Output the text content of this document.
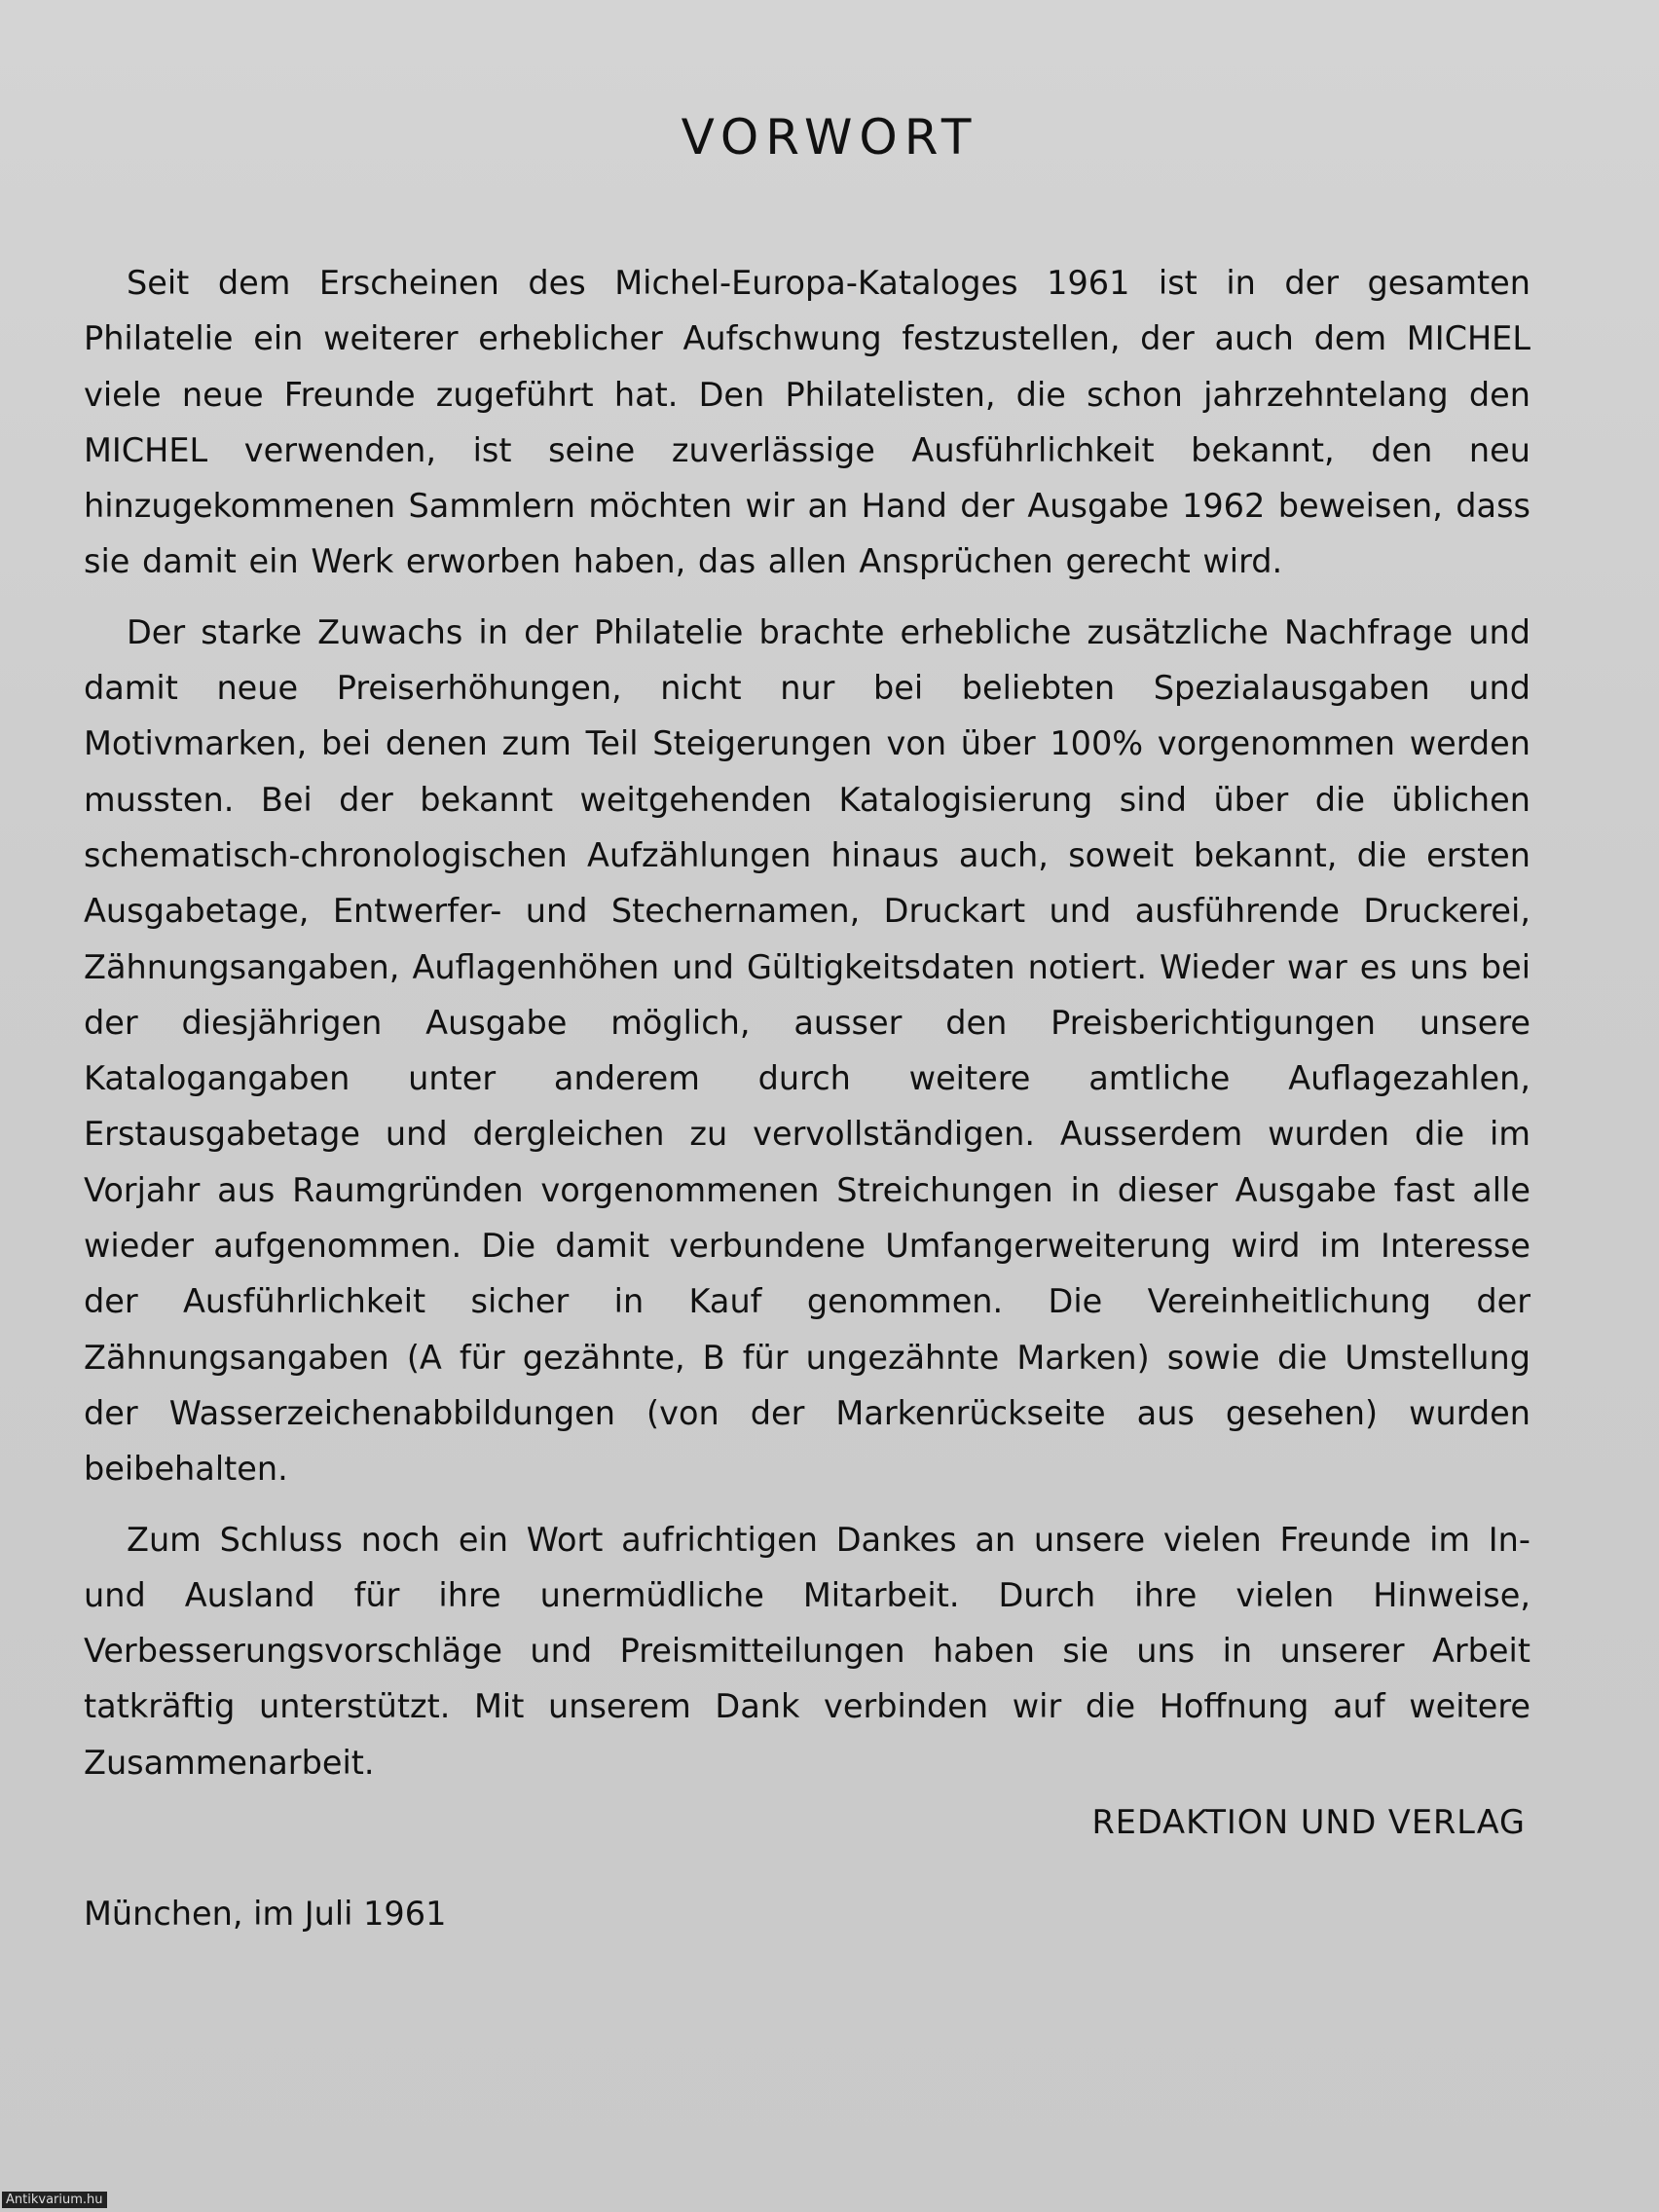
VORWORT

Seit dem Erscheinen des Michel-Europa-Kataloges 1961 ist in der gesamten Philatelie ein weiterer erheblicher Aufschwung festzustellen, der auch dem MICHEL viele neue Freunde zugeführt hat. Den Philatelisten, die schon jahrzehntelang den MICHEL verwenden, ist seine zuverlässige Ausführlichkeit bekannt, den neu hinzugekommenen Sammlern möchten wir an Hand der Ausgabe 1962 beweisen, dass sie damit ein Werk erworben haben, das allen Ansprüchen gerecht wird.

Der starke Zuwachs in der Philatelie brachte erhebliche zusätzliche Nachfrage und damit neue Preiserhöhungen, nicht nur bei beliebten Spezialausgaben und Motivmarken, bei denen zum Teil Steigerungen von über 100% vorgenommen werden mussten. Bei der bekannt weitgehenden Katalogisierung sind über die üblichen schematisch-chronologischen Aufzählungen hinaus auch, soweit bekannt, die ersten Ausgabetage, Entwerfer- und Stechernamen, Druckart und ausführende Druckerei, Zähnungsangaben, Auflagenhöhen und Gültigkeitsdaten notiert. Wieder war es uns bei der diesjährigen Ausgabe möglich, ausser den Preisberichtigungen unsere Katalogangaben unter anderem durch weitere amtliche Auflagezahlen, Erstausgabetage und dergleichen zu vervollständigen. Ausserdem wurden die im Vorjahr aus Raumgründen vorgenommenen Streichungen in dieser Ausgabe fast alle wieder aufgenommen. Die damit verbundene Umfangerweiterung wird im Interesse der Ausführlichkeit sicher in Kauf genommen. Die Vereinheitlichung der Zähnungsangaben (A für gezähnte, B für ungezähnte Marken) sowie die Umstellung der Wasserzeichenabbildungen (von der Markenrückseite aus gesehen) wurden beibehalten.

Zum Schluss noch ein Wort aufrichtigen Dankes an unsere vielen Freunde im In- und Ausland für ihre unermüdliche Mitarbeit. Durch ihre vielen Hinweise, Verbesserungsvorschläge und Preismitteilungen haben sie uns in unserer Arbeit tatkräftig unterstützt. Mit unserem Dank verbinden wir die Hoffnung auf weitere Zusammenarbeit.

REDAKTION UND VERLAG

München, im Juli 1961

Antikvarium.hu
